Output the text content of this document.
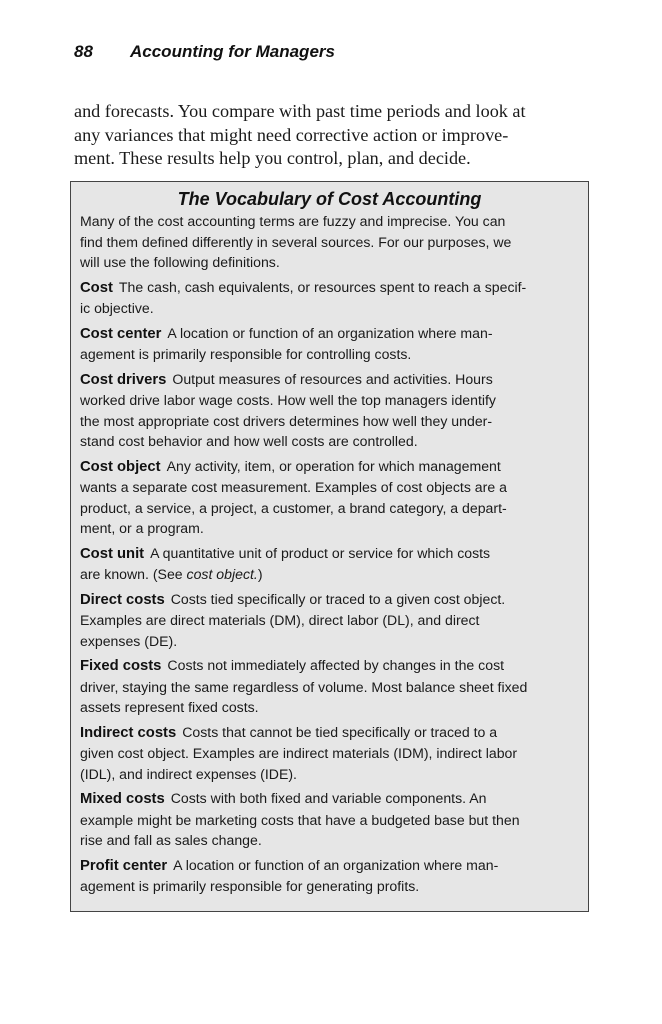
88 Accounting for Managers
and forecasts. You compare with past time periods and look at
any variances that might need corrective action or improve-
ment. These results help you control, plan, and decide.
The Vocabulary of Cost Accounting
Many of the cost accounting terms are fuzzy and imprecise. You can
find them defined differently in several sources. For our purposes, we
will use the following definitions.
Cost The cash, cash equivalents, or resources spent to reach a specif-
ic objective.
Cost center A location or function of an organization where man-
agement is primarily responsible for controlling costs.
Cost drivers Output measures of resources and activities. Hours
worked drive labor wage costs. How well the top managers identify
the most appropriate cost drivers determines how well they under-
stand cost behavior and how well costs are controlled.
Cost object Any activity, item, or operation for which management
wants a separate cost measurement. Examples of cost objects are a
product, a service, a project, a customer, a brand category, a depart-
ment, or a program.
Cost unit A quantitative unit of product or service for which costs
are known. (See cost object.)
Direct costs Costs tied specifically or traced to a given cost object.
Examples are direct materials (DM), direct labor (DL), and direct
expenses (DE).
Fixed costs Costs not immediately affected by changes in the cost
driver, staying the same regardless of volume. Most balance sheet fixed
assets represent fixed costs.
Indirect costs Costs that cannot be tied specifically or traced to a
given cost object. Examples are indirect materials (IDM), indirect labor
(IDL), and indirect expenses (IDE).
Mixed costs Costs with both fixed and variable components. An
example might be marketing costs that have a budgeted base but then
rise and fall as sales change.
Profit center A location or function of an organization where man-
agement is primarily responsible for generating profits.
